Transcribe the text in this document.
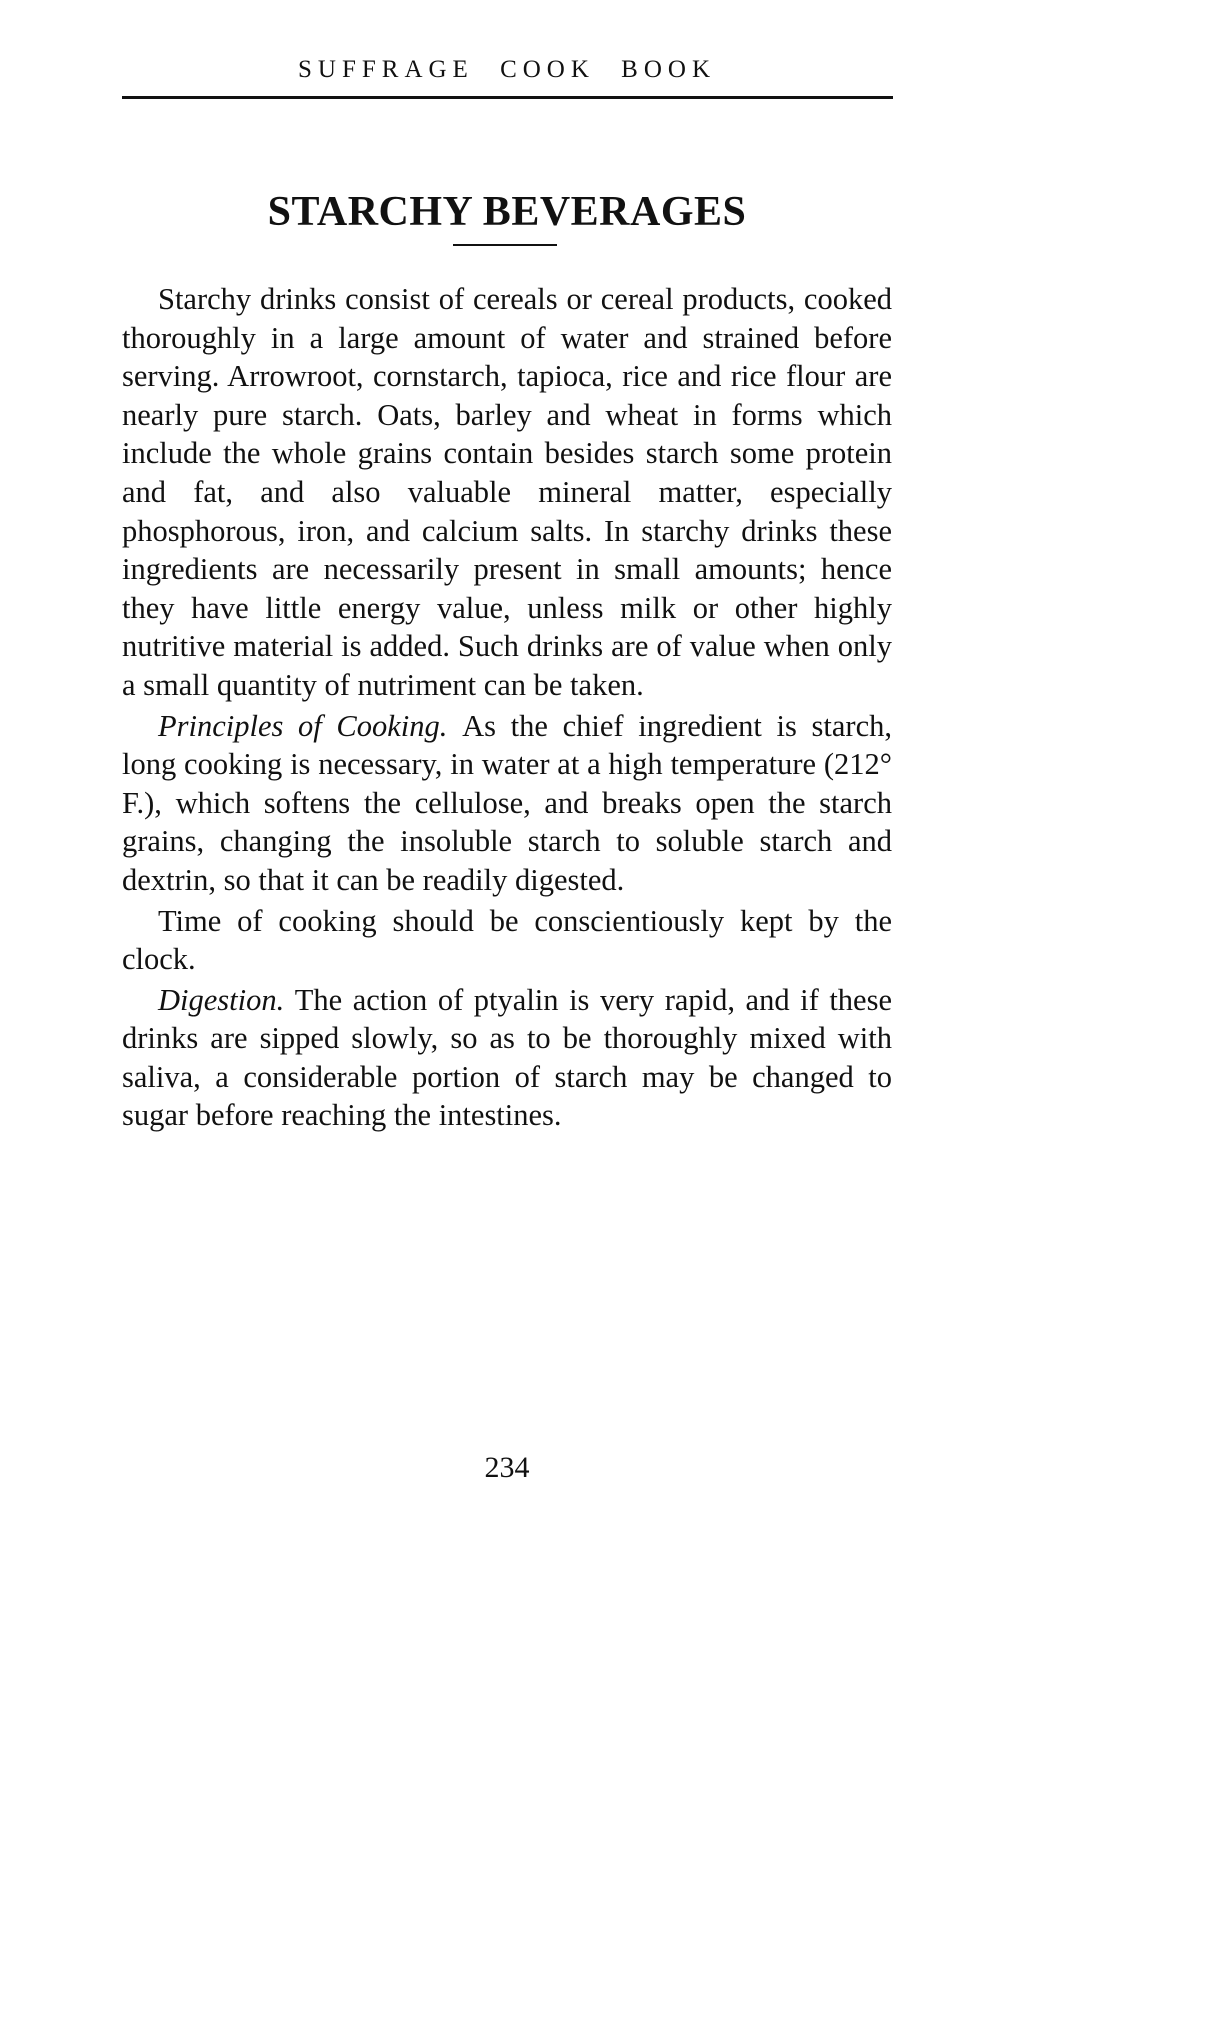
SUFFRAGE COOK BOOK
STARCHY BEVERAGES

Starchy drinks consist of cereals or cereal products, cooked thoroughly in a large amount of water and strained before serving. Arrowroot, cornstarch, tapioca, rice and rice flour are nearly pure starch. Oats, barley and wheat in forms which include the whole grains contain besides starch some protein and fat, and also valuable mineral matter, especially phosphorous, iron, and calcium salts. In starchy drinks these ingredients are necessarily present in small amounts; hence they have little energy value, unless milk or other highly nutritive material is added. Such drinks are of value when only a small quantity of nutriment can be taken.

Principles of Cooking. As the chief ingredient is starch, long cooking is necessary, in water at a high temperature (212° F.), which softens the cellulose, and breaks open the starch grains, changing the insoluble starch to soluble starch and dextrin, so that it can be readily digested.

Time of cooking should be conscientiously kept by the clock.

Digestion. The action of ptyalin is very rapid, and if these drinks are sipped slowly, so as to be thoroughly mixed with saliva, a considerable portion of starch may be changed to sugar before reaching the intestines.

234
